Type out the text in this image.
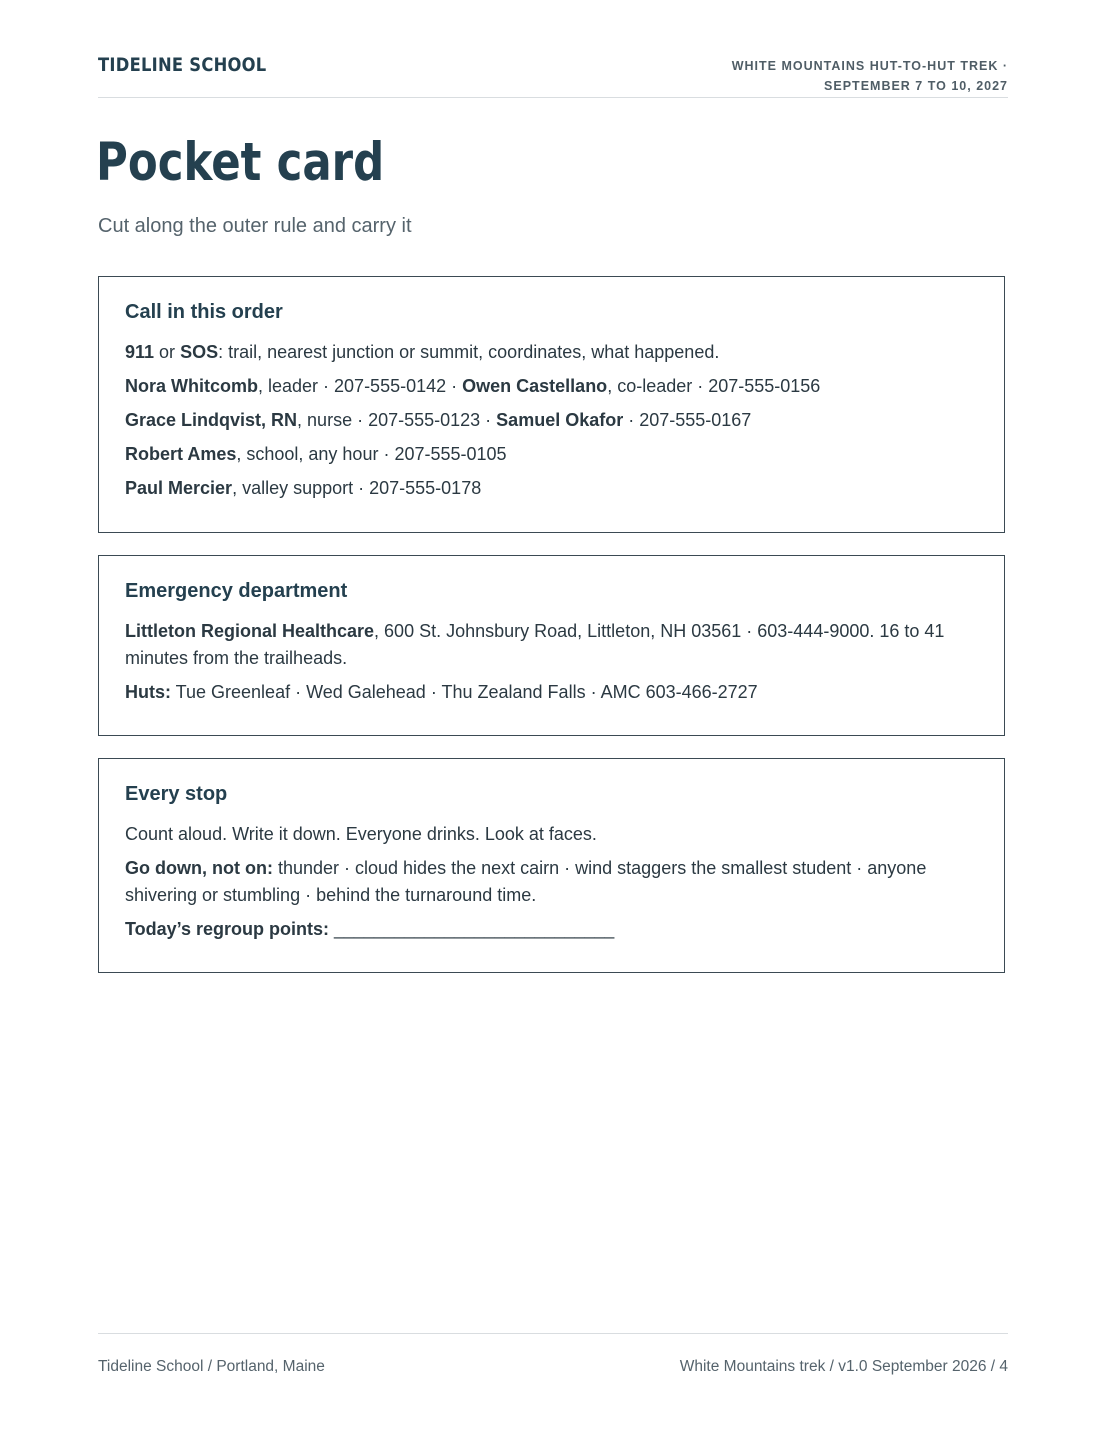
TIDELINE SCHOOL	WHITE MOUNTAINS HUT-TO-HUT TREK ·
SEPTEMBER 7 TO 10, 2027
Pocket card
Cut along the outer rule and carry it
Call in this order
911 or SOS: trail, nearest junction or summit, coordinates, what happened.
Nora Whitcomb, leader · 207-555-0142 · Owen Castellano, co-leader · 207-555-0156
Grace Lindqvist, RN, nurse · 207-555-0123 · Samuel Okafor · 207-555-0167
Robert Ames, school, any hour · 207-555-0105
Paul Mercier, valley support · 207-555-0178
Emergency department
Littleton Regional Healthcare, 600 St. Johnsbury Road, Littleton, NH 03561 · 603-444-9000. 16 to 41 minutes from the trailheads.
Huts: Tue Greenleaf · Wed Galehead · Thu Zealand Falls · AMC 603-466-2727
Every stop
Count aloud. Write it down. Everyone drinks. Look at faces.
Go down, not on: thunder · cloud hides the next cairn · wind staggers the smallest student · anyone shivering or stumbling · behind the turnaround time.
Today’s regroup points: ____________________________
Tideline School / Portland, Maine	White Mountains trek / v1.0 September 2026 / 4
